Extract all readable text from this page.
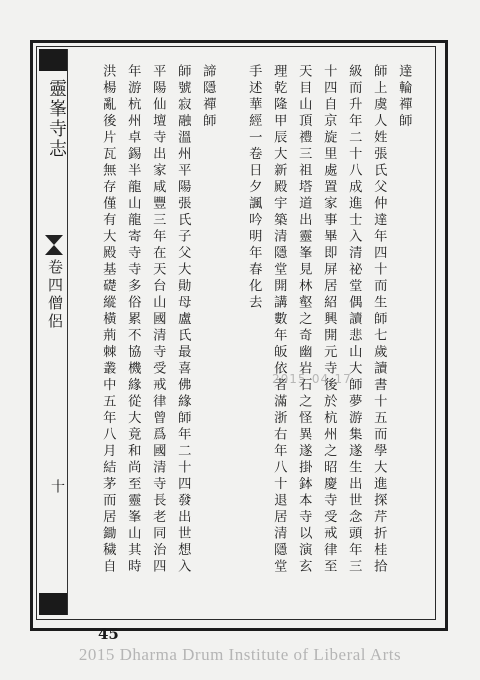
靈峯寺志
卷四僧侶
十
達輪禪師
師上虞人姓張氏父仲達年四十而生師七歲讀書十五而學大進探芹折桂拾
級而升年二十八成進士入清祕堂偶讀悲山大師夢游集遂生出世念頭年三
十四自京旋里處置家事畢即屏居紹興開元寺後於杭州之昭慶寺受戒律至
天目山頂禮三祖塔道出靈峯見林壑之奇幽岩石之怪異遂掛鉢本寺以演玄
理乾隆甲辰大新殿宇築清隱堂開講數年皈依者滿浙右年八十退居清隱堂
手述華經一卷日夕諷吟明年春化去
諦隱禪師
師號寂融溫州平陽張氏子父大勛母盧氏最喜佛緣師年二十四發出世想入
平陽仙壇寺出家咸豐三年在天台山國清寺受戒律曾爲國清寺長老同治四
年游杭州卓錫半龍山龍寄寺寺多俗累不協機緣從大竟和尚至靈峯山其時
洪楊亂後片瓦無存僅有大殿基礎縱橫荊棘叢中五年八月結茅而居鋤穢自	2015-04-17
45
2015 Dharma Drum Institute of Liberal Arts
